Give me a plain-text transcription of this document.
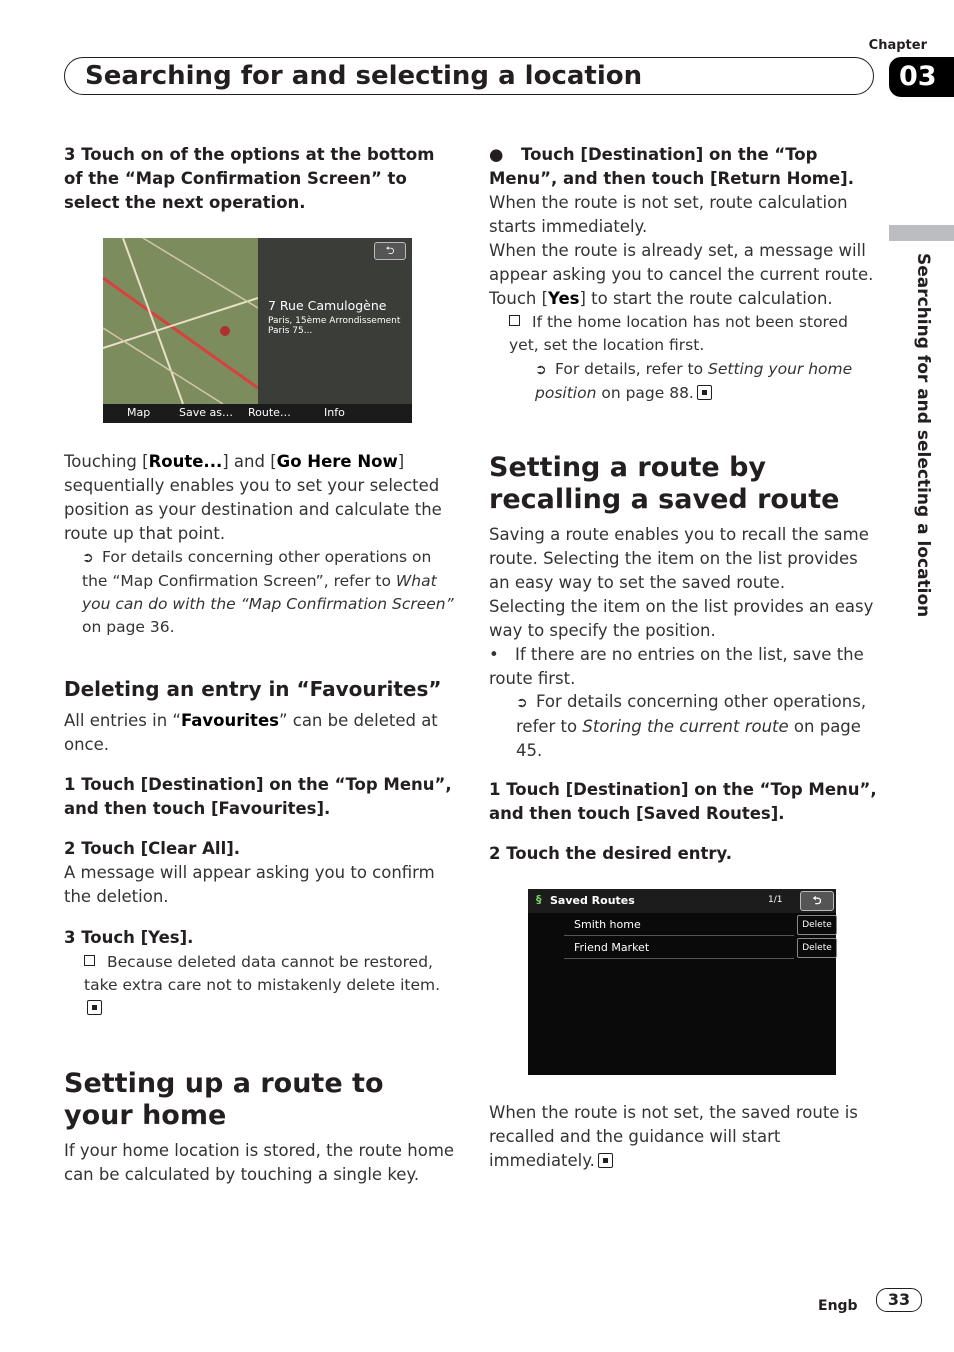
Chapter
03
Searching for and selecting a location
Searching for and selecting a location

3 Touch on of the options at the bottom of the “Map Confirmation Screen” to select the next operation.

⮌
7 Rue Camulogène
Paris, 15ème Arrondissement Paris 75...
Map	Save as… Route…	Info

Touching [Route...] and [Go Here Now] sequentially enables you to set your selected position as your destination and calculate the route up that point.

➲ For details concerning other operations on the “Map Confirmation Screen”, refer to What you can do with the “Map Confirmation Screen” on page 36.

Deleting an entry in “Favourites”

All entries in “Favourites” can be deleted at once.

1 Touch [Destination] on the “Top Menu”, and then touch [Favourites].

2 Touch [Clear All].

A message will appear asking you to confirm the deletion.

3 Touch [Yes].

Because deleted data cannot be restored, take extra care not to mistakenly delete item.

Setting up a route to your home

If your home location is stored, the route home can be calculated by touching a single key.

● Touch [Destination] on the “Top Menu”, and then touch [Return Home].

When the route is not set, route calculation starts immediately.

When the route is already set, a message will appear asking you to cancel the current route. Touch [Yes] to start the route calculation.

If the home location has not been stored yet, set the location first.

➲ For details, refer to Setting your home position on page 88.

Setting a route by recalling a saved route

Saving a route enables you to recall the same route. Selecting the item on the list provides an easy way to set the saved route.

Selecting the item on the list provides an easy way to specify the position.

• If there are no entries on the list, save the route first.

➲ For details concerning other operations, refer to Storing the current route on page 45.

1 Touch [Destination] on the “Top Menu”, and then touch [Saved Routes].

2 Touch the desired entry.

§ Saved Routes	1/1	⮌
Smith home	Delete
Friend Market	Delete

When the route is not set, the saved route is recalled and the guidance will start immediately.

Engb	33
